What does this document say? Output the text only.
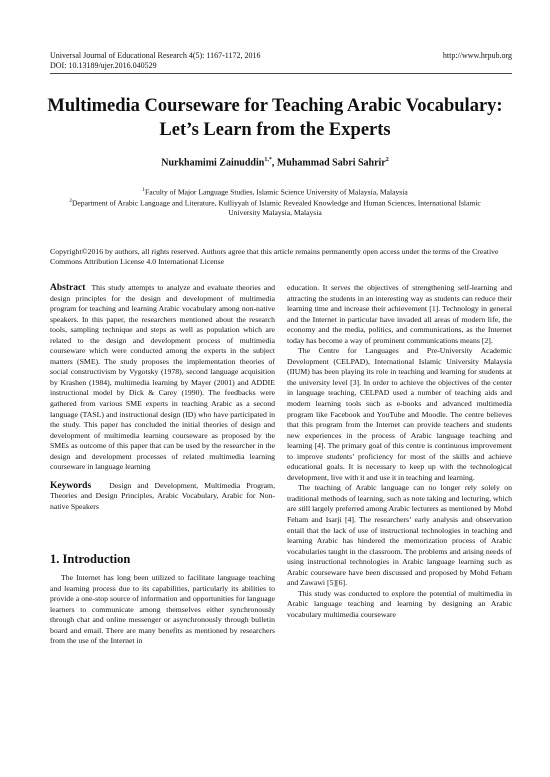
Universal Journal of Educational Research 4(5): 1167-1172, 2016
DOI: 10.13189/ujer.2016.040529
http://www.hrpub.org
Multimedia Courseware for Teaching Arabic Vocabulary: Let’s Learn from the Experts
Nurkhamimi Zainuddin$^{1,*}$, Muhammad Sabri Sahrir$^2$
$^1$Faculty of Major Language Studies, Islamic Science University of Malaysia, Malaysia
$^2$Department of Arabic Language and Literature, Kulliyyah of Islamic Revealed Knowledge and Human Sciences, International Islamic University Malaysia, Malaysia
Copyright©2016 by authors, all rights reserved. Authors agree that this article remains permanently open access under the terms of the Creative Commons Attribution License 4.0 International License

Abstract This study attempts to analyze and evaluate theories and design principles for the design and development of multimedia program for teaching and learning Arabic vocabulary among non-native speakers. In this paper, the researchers mentioned about the research tools, sampling technique and steps as well as population which are related to the design and development process of multimedia courseware which were conducted among the experts in the subject matters (SME). The study proposes the implementation theories of social constructivism by Vygotsky (1978), second language acquisition by Krashen (1984), multimedia learning by Mayer (2001) and ADDIE instructional model by Dick & Carey (1990). The feedbacks were gathered from various SME experts in teaching Arabic as a second language (TASL) and instructional design (ID) who have participated in the study. This paper has concluded the initial theories of design and development of multimedia learning courseware as proposed by the SMEs as outcome of this paper that can be used by the researcher in the design and development processes of related multimedia learning courseware in language learning

Keywords Design and Development, Multimedia Program, Theories and Design Principles, Arabic Vocabulary, Arabic for Non-native Speakers

1. Introduction

The Internet has long been utilized to facilitate language teaching and learning process due to its capabilities, particularly its abilities to provide a one-stop source of information and opportunities for language learners to communicate among themselves either synchronously through chat and online messenger or asynchronously through bulletin board and email. There are many benefits as mentioned by researchers from the use of the Internet in

education. It serves the objectives of strengthening self-learning and attracting the students in an interesting way as students can reduce their learning time and increase their achievement [1]. Technology in general and the Internet in particular have invaded all areas of modern life, the economy and the media, politics, and communications, as the Internet today has become a way of prominent communications means [2].

The Centre for Languages and Pre-University Academic Development (CELPAD), International Islamic University Malaysia (IIUM) has been playing its role in teaching and learning for students at the university level [3]. In order to achieve the objectives of the center in language teaching, CELPAD used a number of teaching aids and modern learning tools such as e-books and advanced multimedia program like Facebook and YouTube and Moodle. The centre believes that this program from the Internet can provide teachers and students new experiences in the process of Arabic language teaching and learning [4]. The primary goal of this centre is continuous improvement to improve students’ proficiency for most of the skills and achieve educational goals. It is necessary to keep up with the technological development, live with it and use it in teaching and learning.

The teaching of Arabic language can no longer rely solely on traditional methods of learning, such as note taking and lecturing, which are still largely preferred among Arabic lecturers as mentioned by Mohd Feham and Isarji [4]. The researchers’ early analysis and observation entail that the lack of use of instructional technologies in teaching and learning Arabic has hindered the memorization process of Arabic vocabularies taught in the classroom. The problems and arising needs of using instructional technologies in Arabic language learning such as Arabic courseware have been discussed and proposed by Mohd Feham and Zawawi [5][6].

This study was conducted to explore the potential of multimedia in Arabic language teaching and learning by designing an Arabic vocabulary multimedia courseware
